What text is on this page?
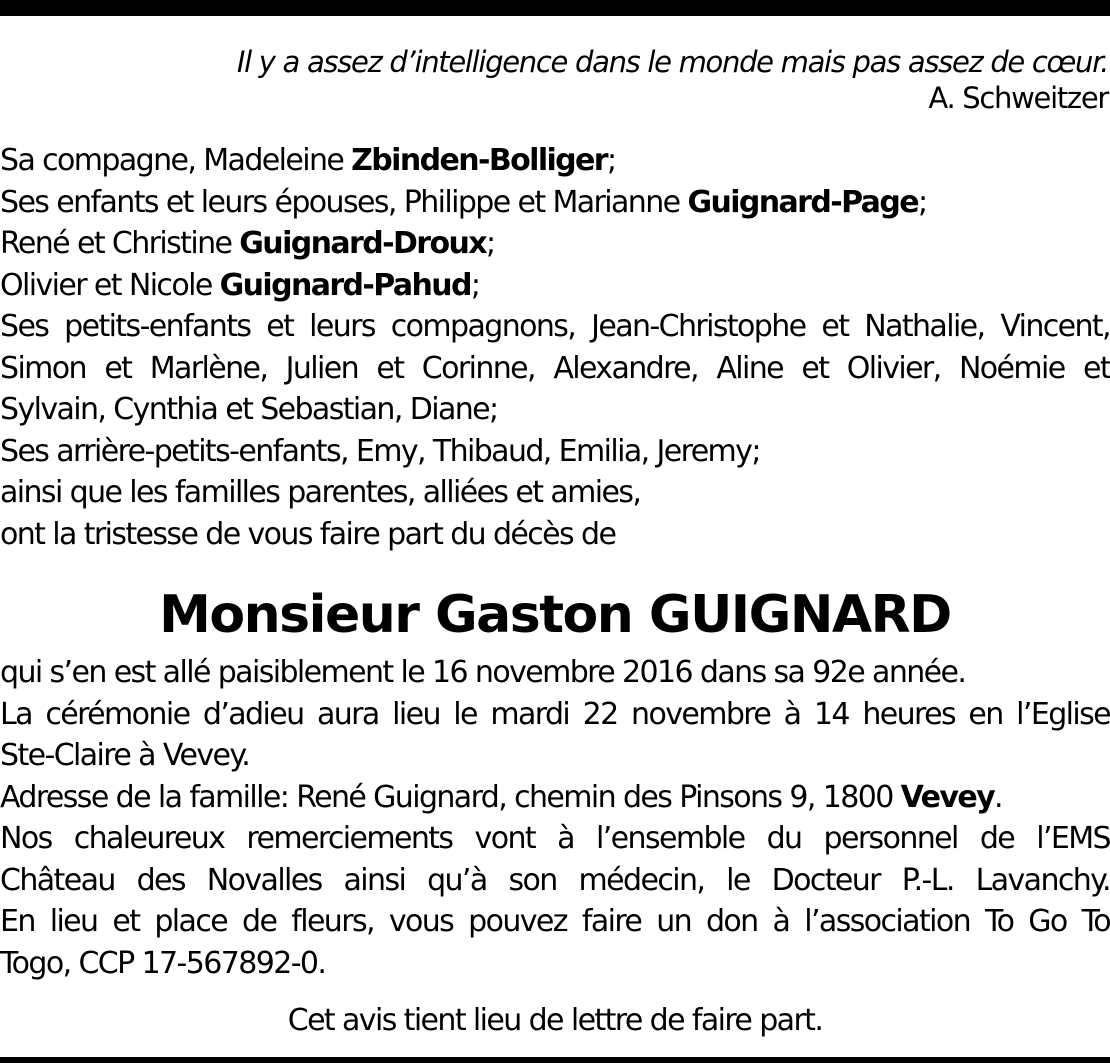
Il y a assez d’intelligence dans le monde mais pas assez de cœur.
A. Schweitzer
Sa compagne, Madeleine Zbinden-Bolliger;
Ses enfants et leurs épouses, Philippe et Marianne Guignard-Page;
René et Christine Guignard-Droux;
Olivier et Nicole Guignard-Pahud;
Ses petits-enfants et leurs compagnons, Jean-Christophe et Nathalie, Vincent,
Simon et Marlène, Julien et Corinne, Alexandre, Aline et Olivier, Noémie et
Sylvain, Cynthia et Sebastian, Diane;
Ses arrière-petits-enfants, Emy, Thibaud, Emilia, Jeremy;
ainsi que les familles parentes, alliées et amies,
ont la tristesse de vous faire part du décès de
Monsieur Gaston GUIGNARD
qui s’en est allé paisiblement le 16 novembre 2016 dans sa 92e année.
La cérémonie d’adieu aura lieu le mardi 22 novembre à 14 heures en l’Eglise
Ste-Claire à Vevey.
Adresse de la famille: René Guignard, chemin des Pinsons 9, 1800 Vevey.
Nos chaleureux remerciements vont à l’ensemble du personnel de l’EMS
Château des Novalles ainsi qu’à son médecin, le Docteur P.-L. Lavanchy.
En lieu et place de fleurs, vous pouvez faire un don à l’association To Go To
Togo, CCP 17-567892-0.
Cet avis tient lieu de lettre de faire part.
